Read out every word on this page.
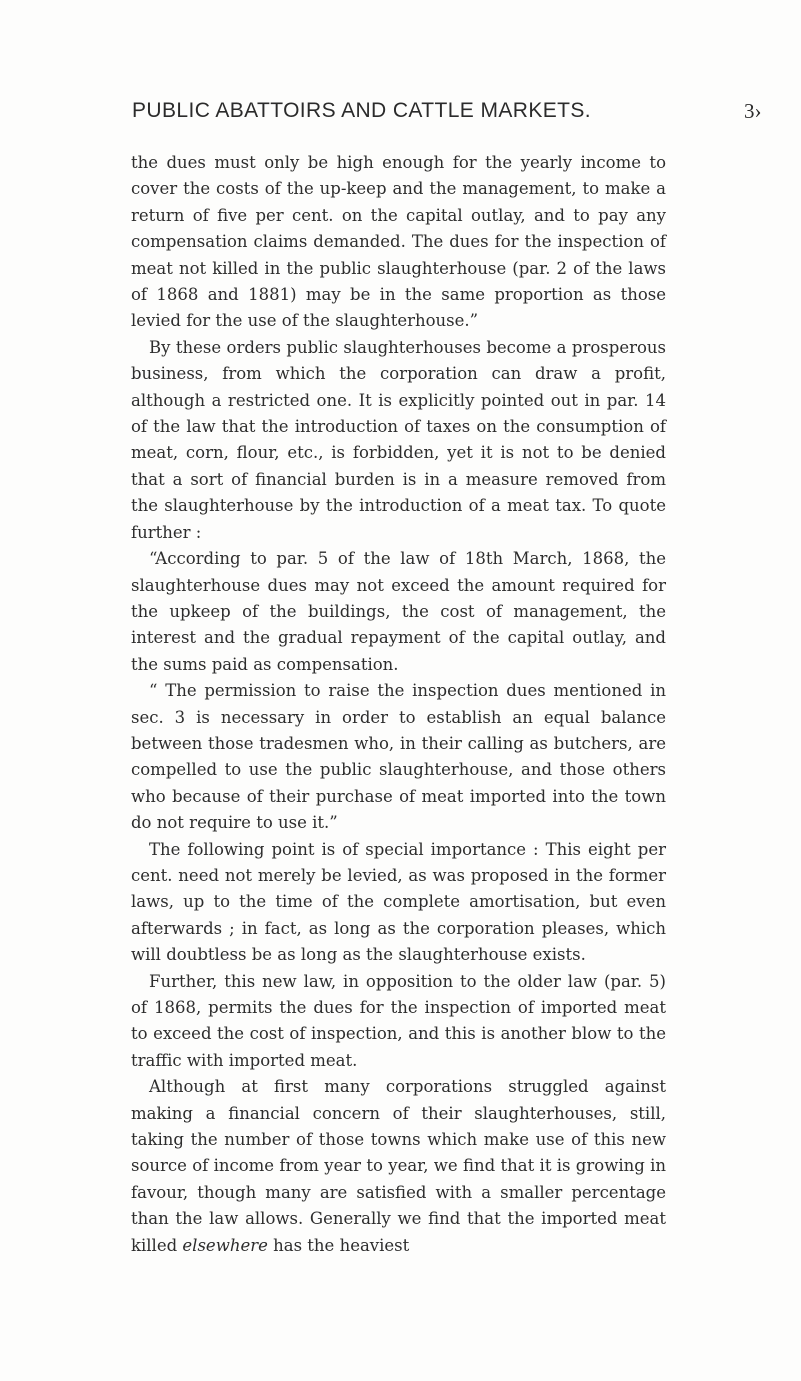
PUBLIC ABATTOIRS AND CATTLE MARKETS.	3›

the dues must only be high enough for the yearly income to cover the costs of the up-keep and the management, to make a return of five per cent. on the capital outlay, and to pay any compensation claims demanded. The dues for the inspection of meat not killed in the public slaughterhouse (par. 2 of the laws of 1868 and 1881) may be in the same proportion as those levied for the use of the slaughterhouse.”

By these orders public slaughterhouses become a prosperous business, from which the corporation can draw a profit, although a restricted one. It is explicitly pointed out in par. 14 of the law that the introduction of taxes on the consumption of meat, corn, flour, etc., is forbidden, yet it is not to be denied that a sort of financial burden is in a measure removed from the slaughterhouse by the introduction of a meat tax. To quote further :

“According to par. 5 of the law of 18th March, 1868, the slaughterhouse dues may not exceed the amount required for the upkeep of the buildings, the cost of management, the interest and the gradual repayment of the capital outlay, and the sums paid as compensation.

“ The permission to raise the inspection dues mentioned in sec. 3 is necessary in order to establish an equal balance between those tradesmen who, in their calling as butchers, are compelled to use the public slaughterhouse, and those others who because of their purchase of meat imported into the town do not require to use it.”

The following point is of special importance : This eight per cent. need not merely be levied, as was proposed in the former laws, up to the time of the complete amortisation, but even afterwards ; in fact, as long as the corporation pleases, which will doubtless be as long as the slaughterhouse exists.

Further, this new law, in opposition to the older law (par. 5) of 1868, permits the dues for the inspection of imported meat to exceed the cost of inspection, and this is another blow to the traffic with imported meat.

Although at first many corporations struggled against making a financial concern of their slaughterhouses, still, taking the number of those towns which make use of this new source of income from year to year, we find that it is growing in favour, though many are satisfied with a smaller percentage than the law allows. Generally we find that the imported meat killed elsewhere has the heaviest
